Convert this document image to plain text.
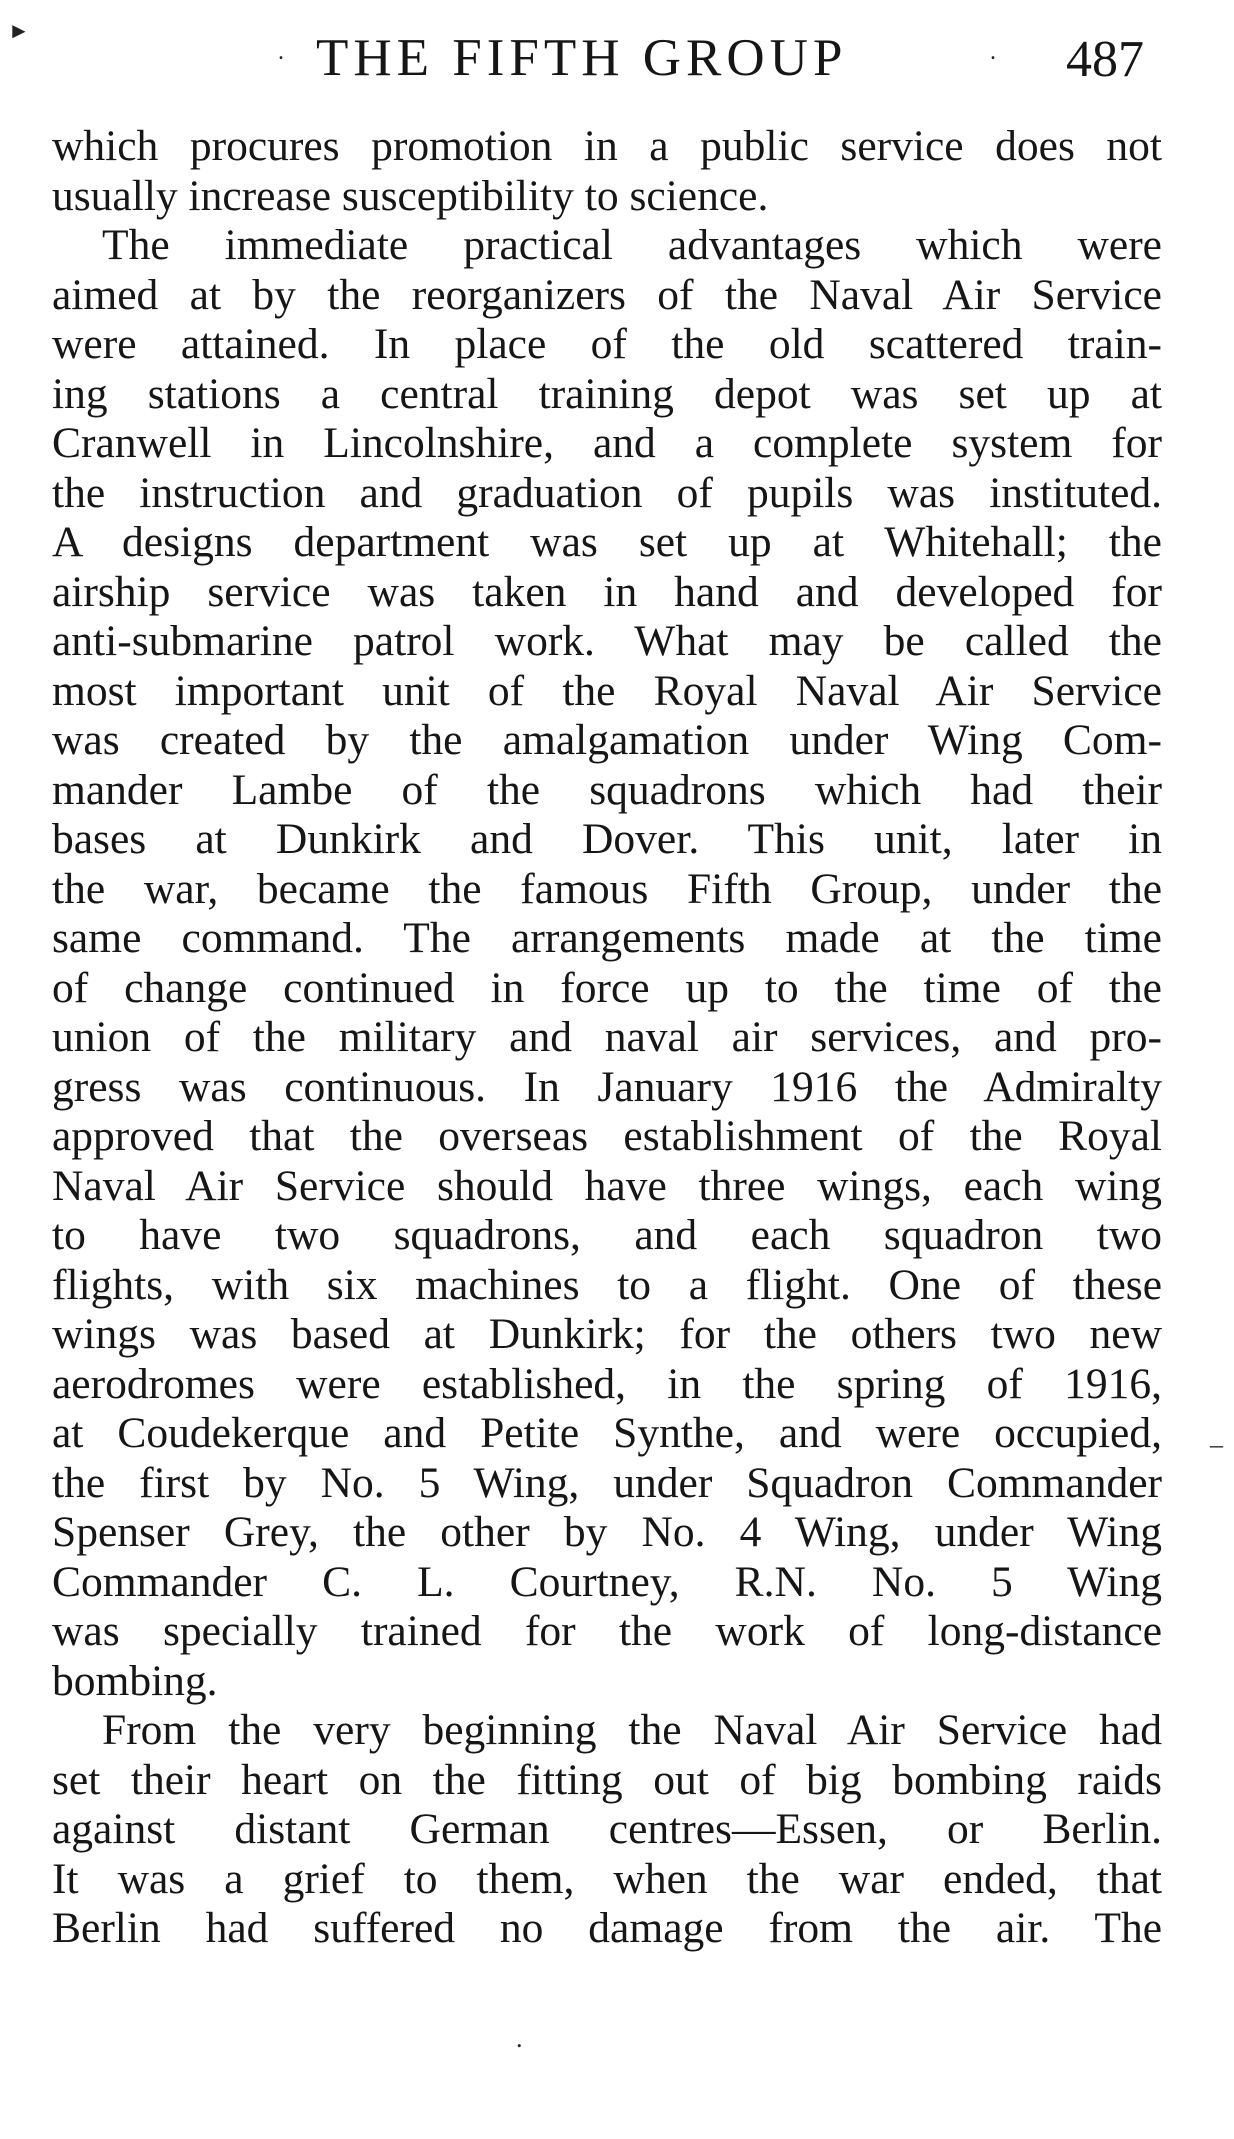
►
.	.
–
.
THE FIFTH GROUP	487
which procures promotion in a public service does not
usually increase susceptibility to science.
The immediate practical advantages which were
aimed at by the reorganizers of the Naval Air Service
were attained. In place of the old scattered train-
ing stations a central training depot was set up at
Cranwell in Lincolnshire, and a complete system for
the instruction and graduation of pupils was instituted.
A designs department was set up at Whitehall; the
airship service was taken in hand and developed for
anti-submarine patrol work. What may be called the
most important unit of the Royal Naval Air Service
was created by the amalgamation under Wing Com-
mander Lambe of the squadrons which had their
bases at Dunkirk and Dover. This unit, later in
the war, became the famous Fifth Group, under the
same command. The arrangements made at the time
of change continued in force up to the time of the
union of the military and naval air services, and pro-
gress was continuous. In January 1916 the Admiralty
approved that the overseas establishment of the Royal
Naval Air Service should have three wings, each wing
to have two squadrons, and each squadron two
flights, with six machines to a flight. One of these
wings was based at Dunkirk; for the others two new
aerodromes were established, in the spring of 1916,
at Coudekerque and Petite Synthe, and were occupied,
the first by No. 5 Wing, under Squadron Commander
Spenser Grey, the other by No. 4 Wing, under Wing
Commander C. L. Courtney, R.N. No. 5 Wing
was specially trained for the work of long-distance
bombing.
From the very beginning the Naval Air Service had
set their heart on the fitting out of big bombing raids
against distant German centres—Essen, or Berlin.
It was a grief to them, when the war ended, that
Berlin had suffered no damage from the air. The
